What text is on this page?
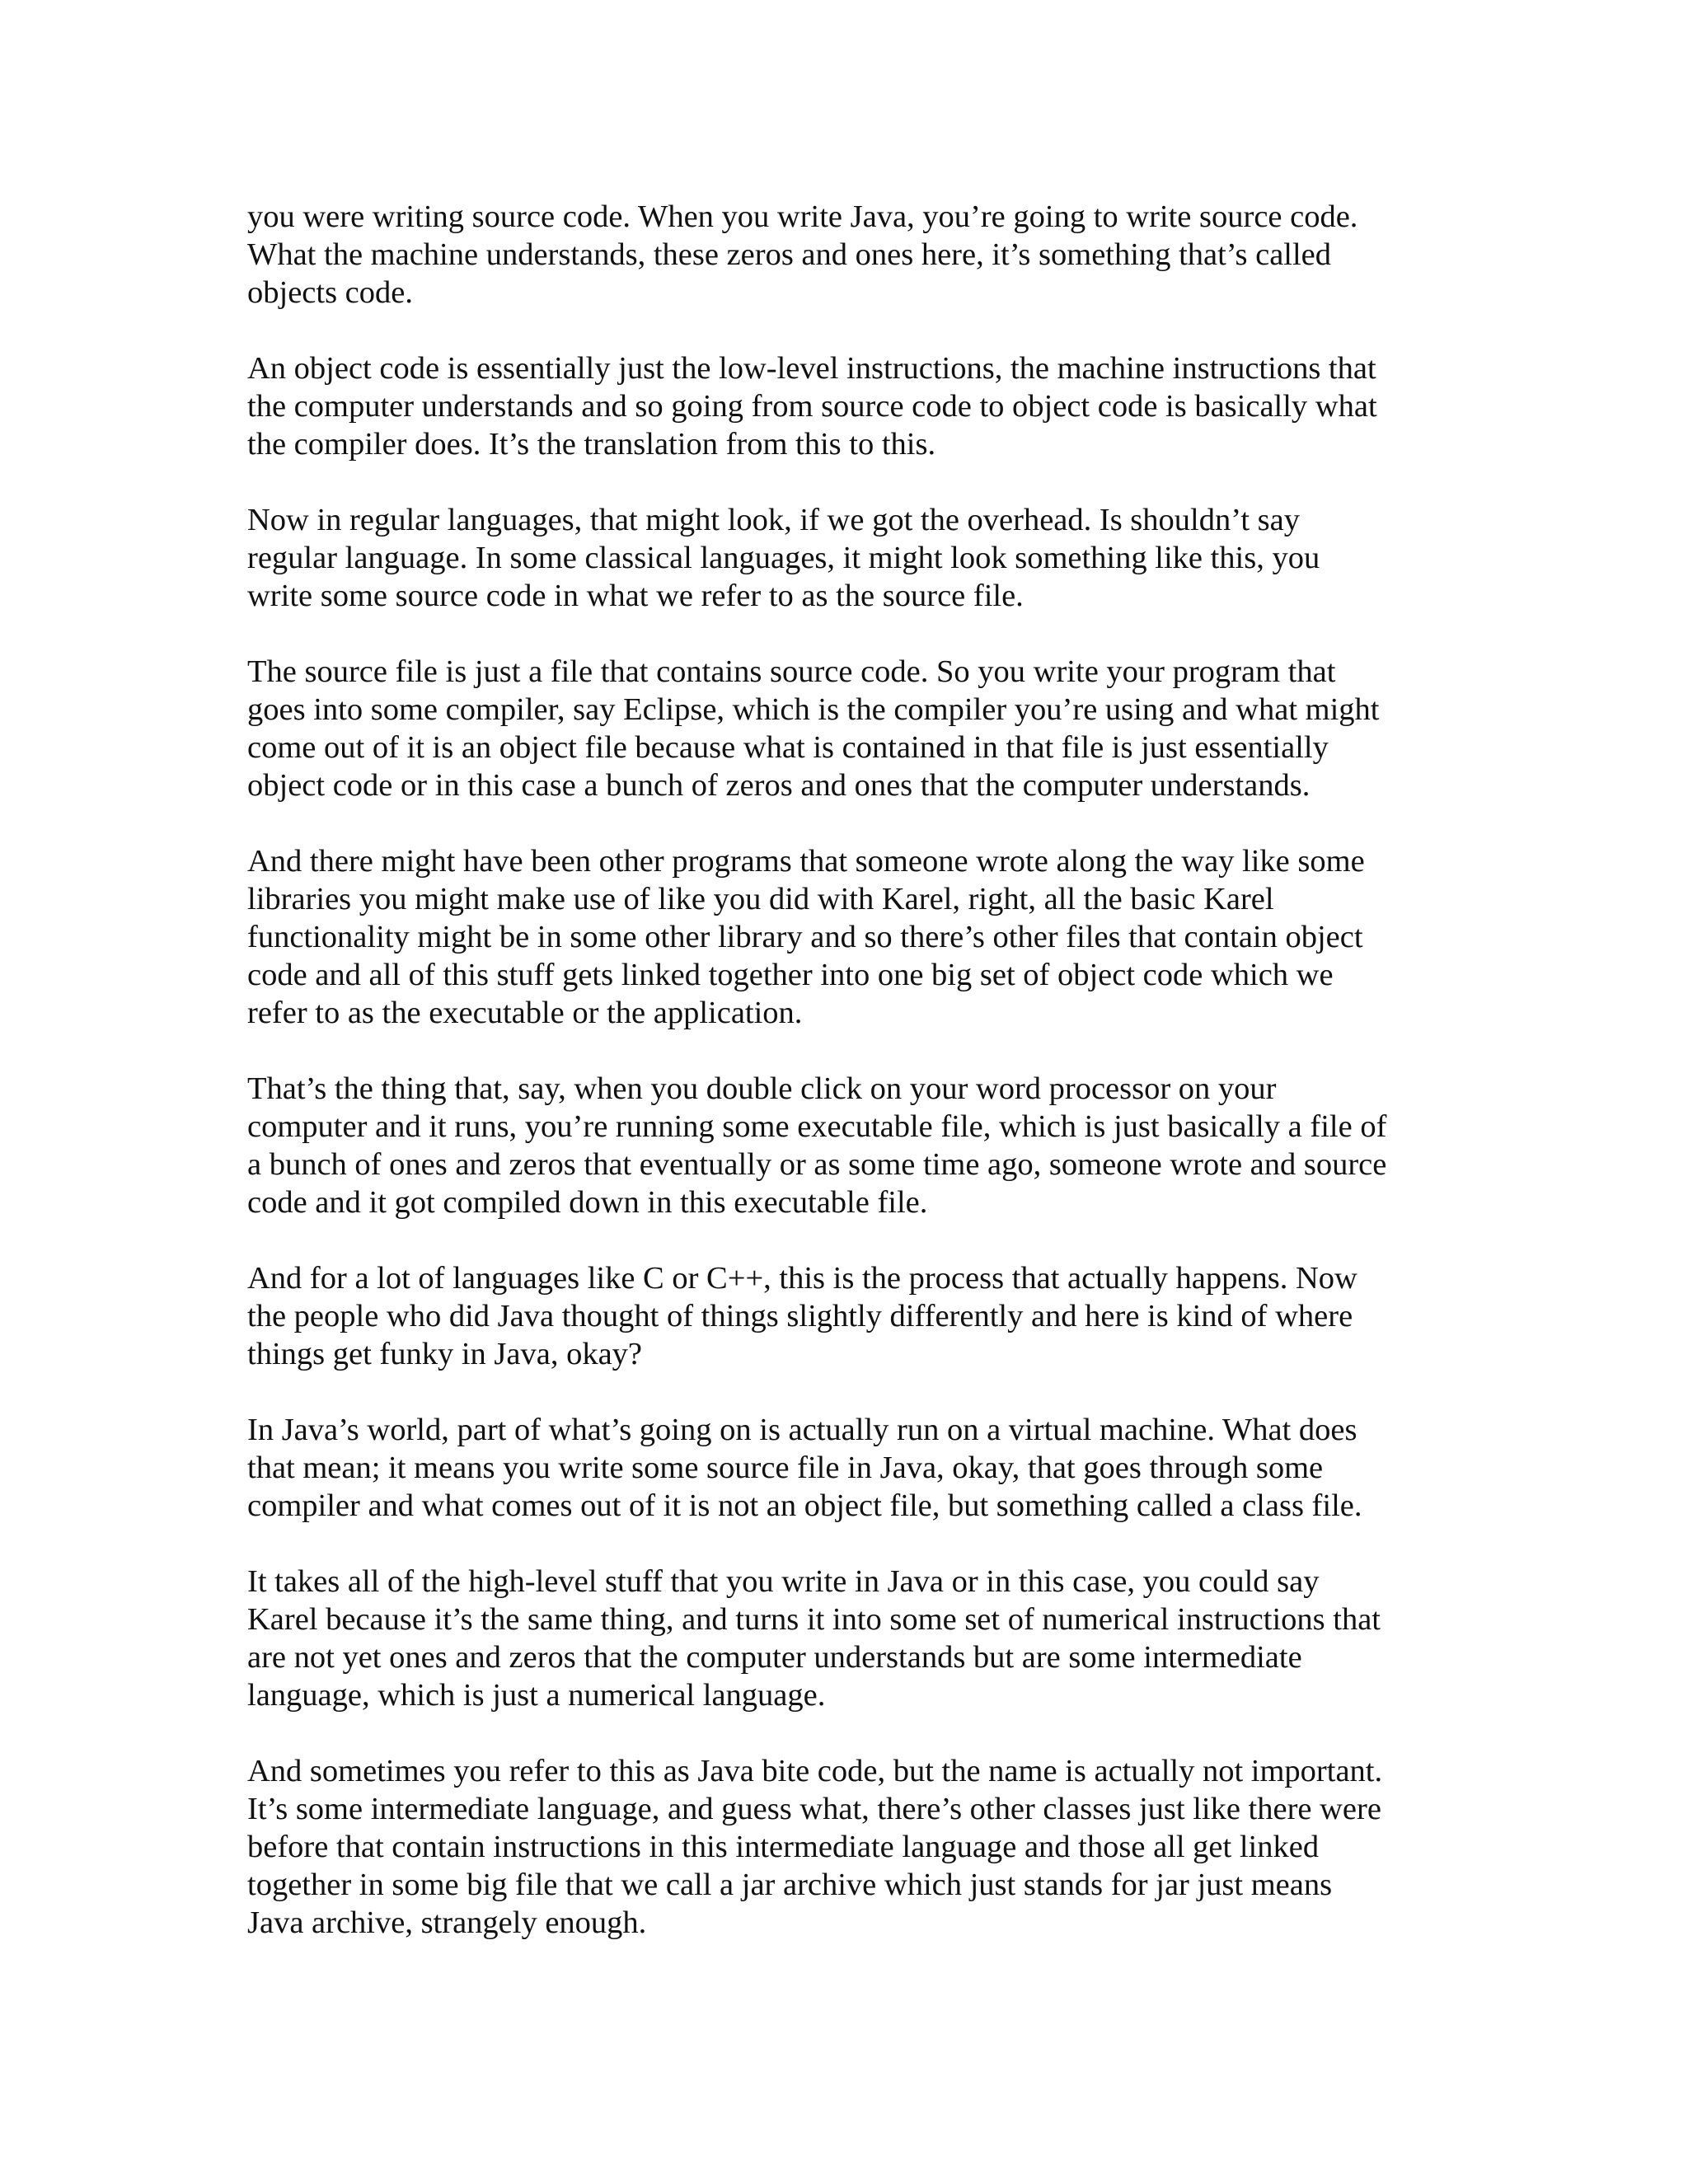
you were writing source code. When you write Java, you’re going to write source code.
What the machine understands, these zeros and ones here, it’s something that’s called
objects code.

An object code is essentially just the low-level instructions, the machine instructions that
the computer understands and so going from source code to object code is basically what
the compiler does. It’s the translation from this to this.

Now in regular languages, that might look, if we got the overhead. Is shouldn’t say
regular language. In some classical languages, it might look something like this, you
write some source code in what we refer to as the source file.

The source file is just a file that contains source code. So you write your program that
goes into some compiler, say Eclipse, which is the compiler you’re using and what might
come out of it is an object file because what is contained in that file is just essentially
object code or in this case a bunch of zeros and ones that the computer understands.

And there might have been other programs that someone wrote along the way like some
libraries you might make use of like you did with Karel, right, all the basic Karel
functionality might be in some other library and so there’s other files that contain object
code and all of this stuff gets linked together into one big set of object code which we
refer to as the executable or the application.

That’s the thing that, say, when you double click on your word processor on your
computer and it runs, you’re running some executable file, which is just basically a file of
a bunch of ones and zeros that eventually or as some time ago, someone wrote and source
code and it got compiled down in this executable file.

And for a lot of languages like C or C++, this is the process that actually happens. Now
the people who did Java thought of things slightly differently and here is kind of where
things get funky in Java, okay?

In Java’s world, part of what’s going on is actually run on a virtual machine. What does
that mean; it means you write some source file in Java, okay, that goes through some
compiler and what comes out of it is not an object file, but something called a class file.

It takes all of the high-level stuff that you write in Java or in this case, you could say
Karel because it’s the same thing, and turns it into some set of numerical instructions that
are not yet ones and zeros that the computer understands but are some intermediate
language, which is just a numerical language.

And sometimes you refer to this as Java bite code, but the name is actually not important.
It’s some intermediate language, and guess what, there’s other classes just like there were
before that contain instructions in this intermediate language and those all get linked
together in some big file that we call a jar archive which just stands for jar just means
Java archive, strangely enough.
